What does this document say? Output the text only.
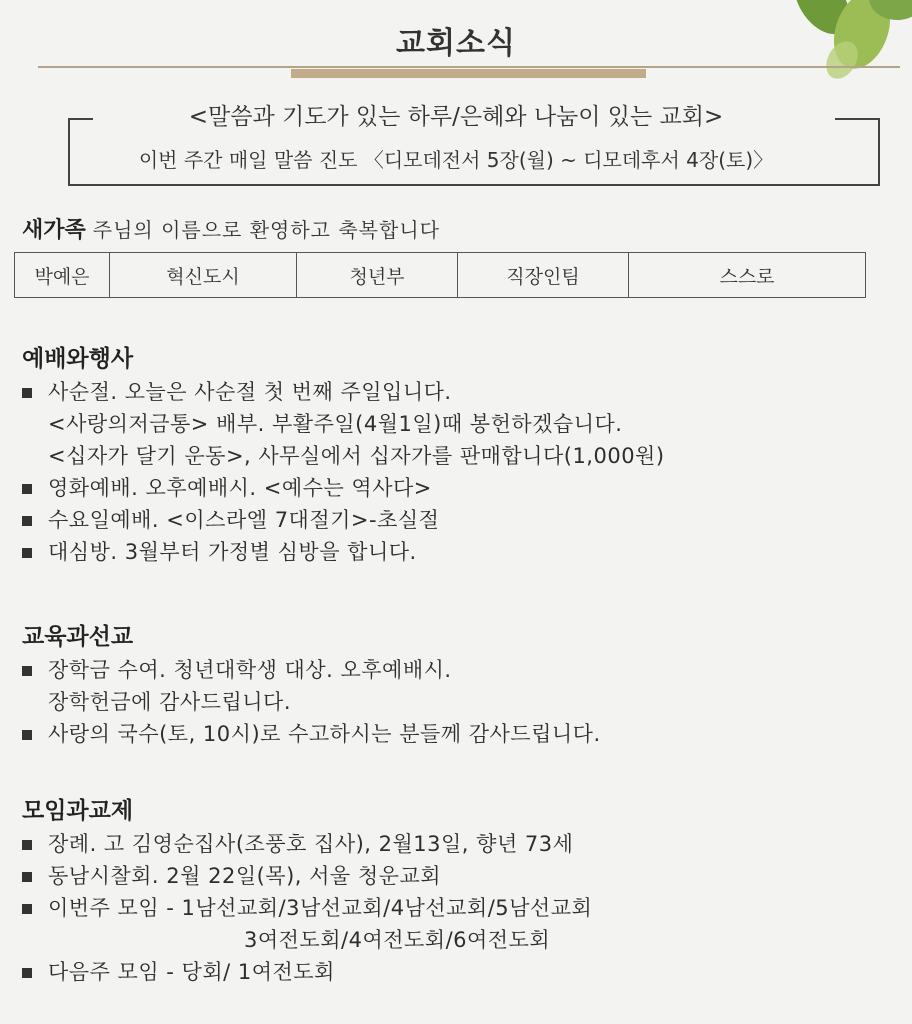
교회소식
<말씀과 기도가 있는 하루/은혜와 나눔이 있는 교회>
이번 주간 매일 말씀 진도 〈디모데전서 5장(월) ~ 디모데후서 4장(토)〉
새가족 주님의 이름으로 환영하고 축복합니다
박예은	혁신도시	청년부	직장인팀	스스로
예배와행사
사순절. 오늘은 사순절 첫 번째 주일입니다.
<사랑의저금통> 배부. 부활주일(4월1일)때 봉헌하겠습니다.
<십자가 달기 운동>, 사무실에서 십자가를 판매합니다(1,000원)
영화예배. 오후예배시. <예수는 역사다>
수요일예배. <이스라엘 7대절기>-초실절
대심방. 3월부터 가정별 심방을 합니다.
교육과선교
장학금 수여. 청년대학생 대상. 오후예배시.
장학헌금에 감사드립니다.
사랑의 국수(토, 10시)로 수고하시는 분들께 감사드립니다.
모임과교제
장례. 고 김영순집사(조풍호 집사), 2월13일, 향년 73세
동남시찰회. 2월 22일(목), 서울 청운교회
이번주 모임 - 1남선교회/3남선교회/4남선교회/5남선교회
3여전도회/4여전도회/6여전도회
다음주 모임 - 당회/ 1여전도회
